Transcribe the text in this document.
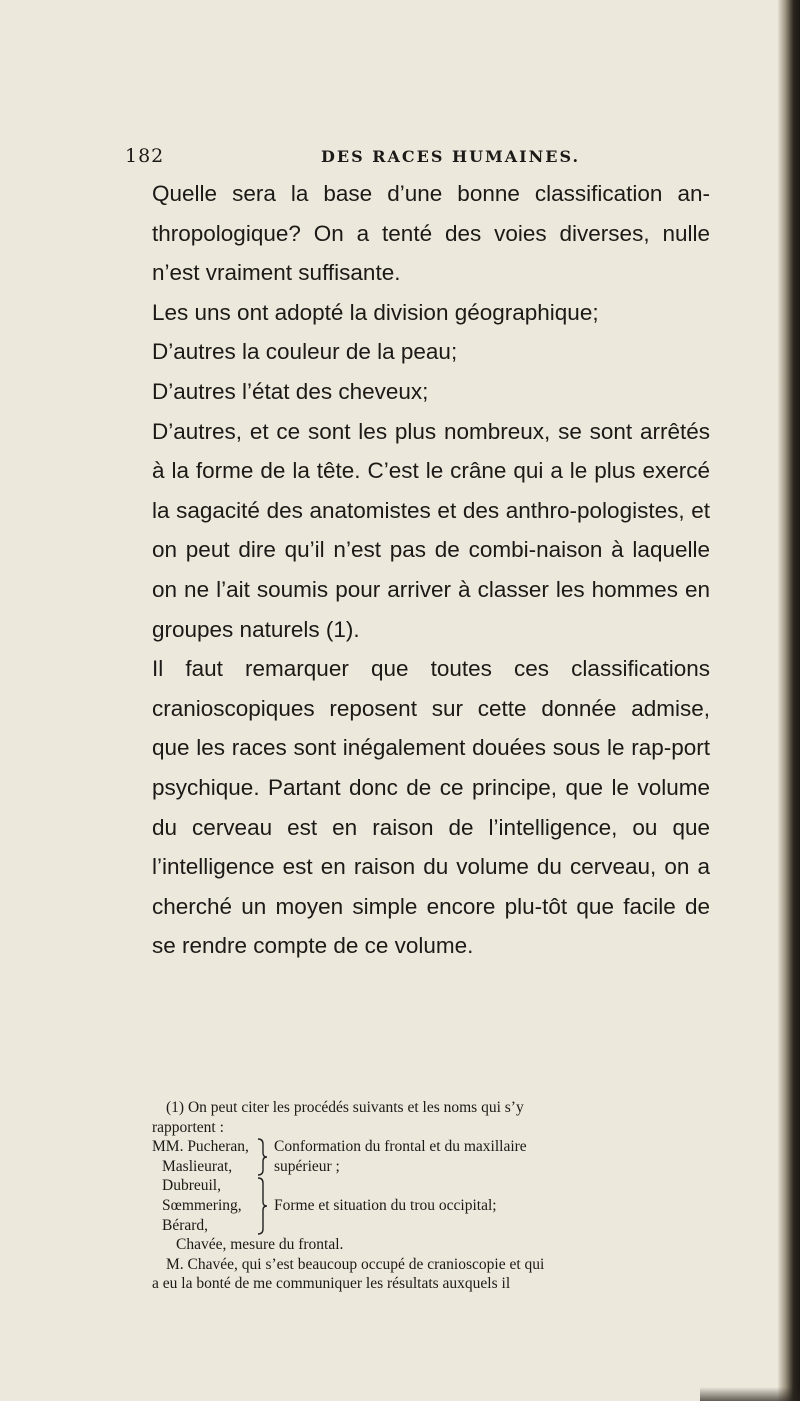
182	DES RACES HUMAINES.

Quelle sera la base d’une bonne classification an-thropologique? On a tenté des voies diverses, nulle n’est vraiment suffisante.

Les uns ont adopté la division géographique;

D’autres la couleur de la peau;

D’autres l’état des cheveux;

D’autres, et ce sont les plus nombreux, se sont arrêtés à la forme de la tête. C’est le crâne qui a le plus exercé la sagacité des anatomistes et des anthro-pologistes, et on peut dire qu’il n’est pas de combi-naison à laquelle on ne l’ait soumis pour arriver à classer les hommes en groupes naturels (1).

Il faut remarquer que toutes ces classifications cranioscopiques reposent sur cette donnée admise, que les races sont inégalement douées sous le rap-port psychique. Partant donc de ce principe, que le volume du cerveau est en raison de l’intelligence, ou que l’intelligence est en raison du volume du cerveau, on a cherché un moyen simple encore plu-tôt que facile de se rendre compte de ce volume.

(1) On peut citer les procédés suivants et les noms qui s’y

rapportent :

MM. Pucheran,
Maslieurat,
Conformation du frontal et du maxillaire
supérieur ;
Dubreuil,
Sœmmering,
Bérard,
Forme et situation du trou occipital;

Chavée, mesure du frontal.

M. Chavée, qui s’est beaucoup occupé de cranioscopie et qui

a eu la bonté de me communiquer les résultats auxquels il
